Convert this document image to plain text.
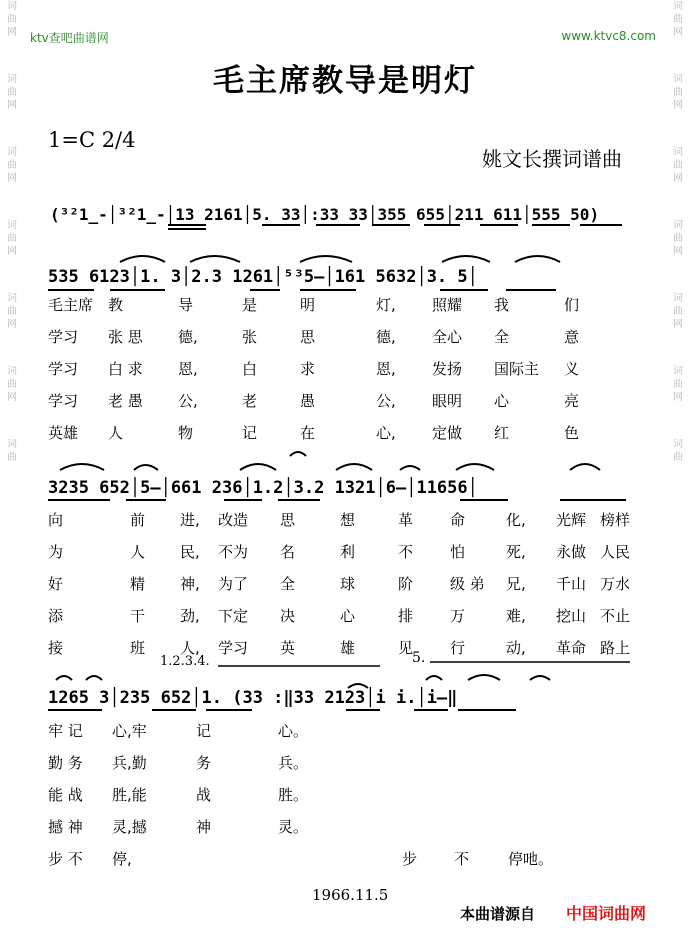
词
曲
网
词
曲
网
词
曲
网
词
曲
网
词
曲
网
词
曲
网
词
曲
词
曲
网
词
曲
网
词
曲
网
词
曲
网
词
曲
网
词
曲
网
词
曲
ktv查吧曲谱网	www.ktvc8.com
毛主席教导是明灯
1=C 2/4
姚文长撰词谱曲
(³²1̲-│³²1̲-│13 2161│5. 33│:33 33│355 655│211 611│555 50)
535 6123│1. 3│2.3 1261│⁵³5—│161 5632│3. 5│
3235 652│5—│661 236│1.2│3.2 1321│6—│11656│
1265 3│235 652│1. (33 :‖33 2123│i i.│i—‖
1.2.3.4.	5.
毛主席 教	导	是	明	灯, 照耀 我	们
学习 张 思 德,	张	思	德, 全心 全	意
学习 白 求 恩,	白	求	恩, 发扬 国际主 义
学习 老 愚 公,	老	愚	公, 眼明 心	亮
英雄 人	物	记	在	心, 定做 红	色
向	前 进, 改造 思	想	革 命	化, 光辉 榜样
为	人 民, 不为 名	利	不 怕	死, 永做 人民
好	精 神, 为了 全	球	阶 级 弟 兄, 千山 万水
添	干 劲, 下定 决	心	排 万	难, 挖山 不止
接	班 人, 学习 英	雄	见 行	动, 革命 路上
牢 记 心,牢	记	心。
勤 务 兵,勤	务	兵。
能 战 胜,能	战	胜。
撼 神 灵,撼	神	灵。
步 不 停,	步 不	停吔。
1966.11.5
本曲谱源自 中国词曲网
